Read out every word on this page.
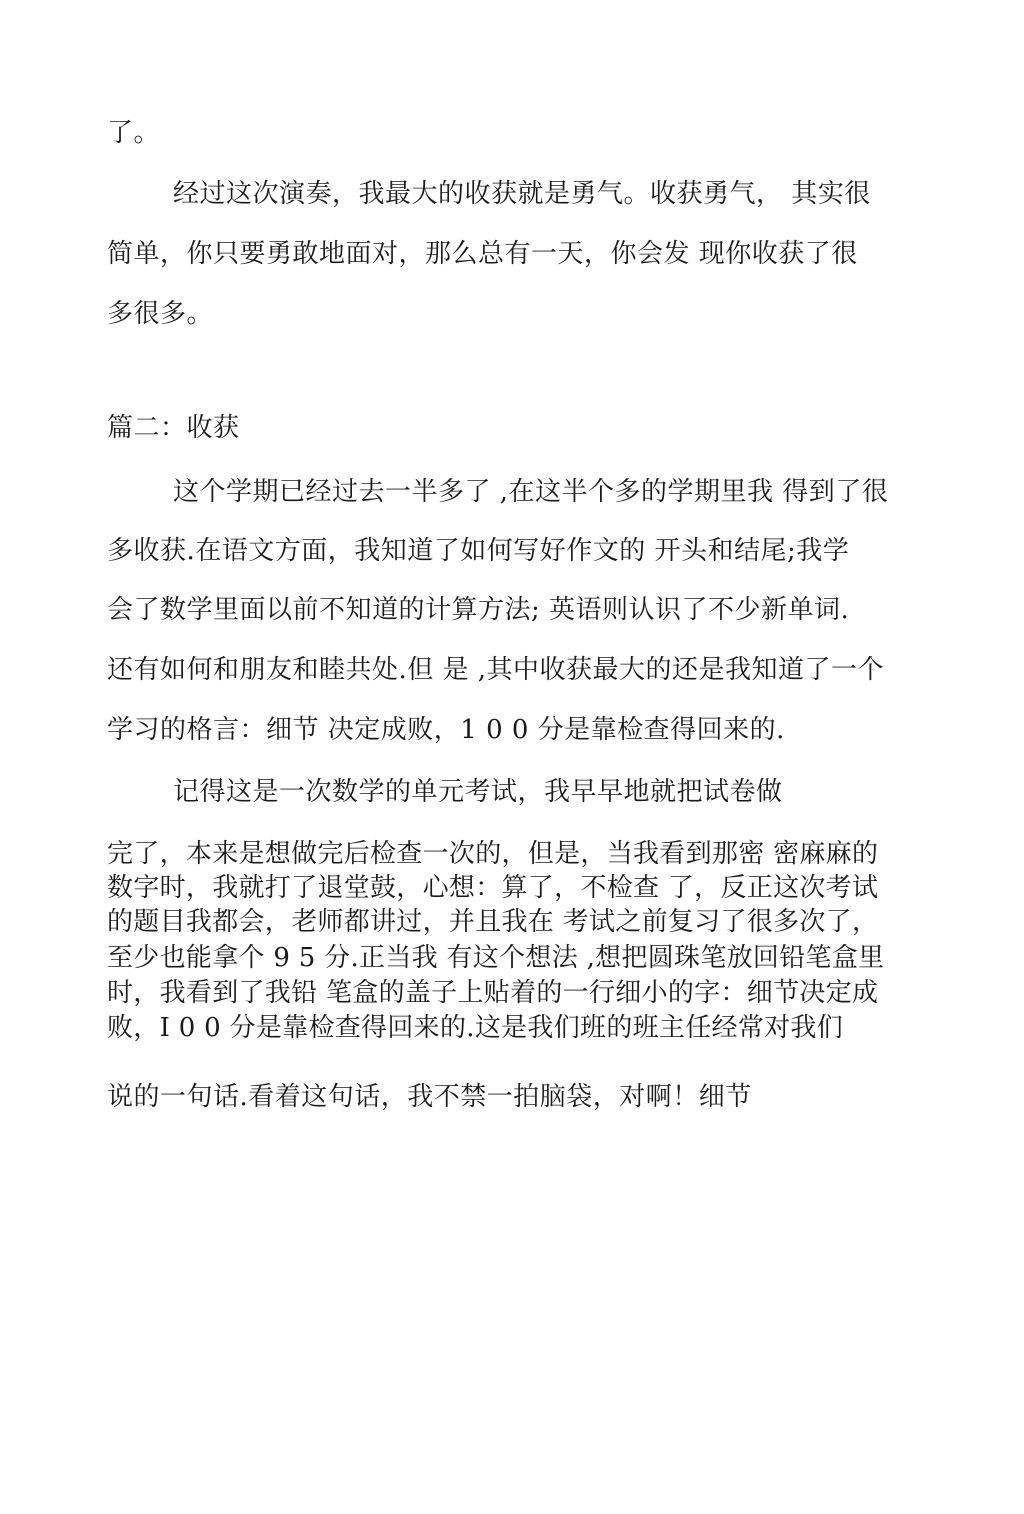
了。
经过这次演奏，我最大的收获就是勇气。收获勇气， 其实很
简单，你只要勇敢地面对，那么总有一天，你会发 现你收获了很
多很多。
篇二：收获
这个学期已经过去一半多了 ,在这半个多的学期里我 得到了很
多收获.在语文方面，我知道了如何写好作文的 开头和结尾;我学
会了数学里面以前不知道的计算方法; 英语则认识了不少新单词.
还有如何和朋友和睦共处.但 是 ,其中收获最大的还是我知道了一个
学习的格言：细节 决定成败，1 0 0 分是靠检查得回来的.
记得这是一次数学的单元考试，我早早地就把试卷做
完了，本来是想做完后检查一次的，但是，当我看到那密 密麻麻的
数字时，我就打了退堂鼓，心想：算了，不检查 了，反正这次考试
的题目我都会，老师都讲过，并且我在 考试之前复习了很多次了，
至少也能拿个 9 5 分.正当我 有这个想法 ,想把圆珠笔放回铅笔盒里
时，我看到了我铅 笔盒的盖子上贴着的一行细小的字：细节决定成
败，I 0 0 分是靠检查得回来的.这是我们班的班主任经常对我们
说的一句话.看着这句话，我不禁一拍脑袋，对啊！细节
